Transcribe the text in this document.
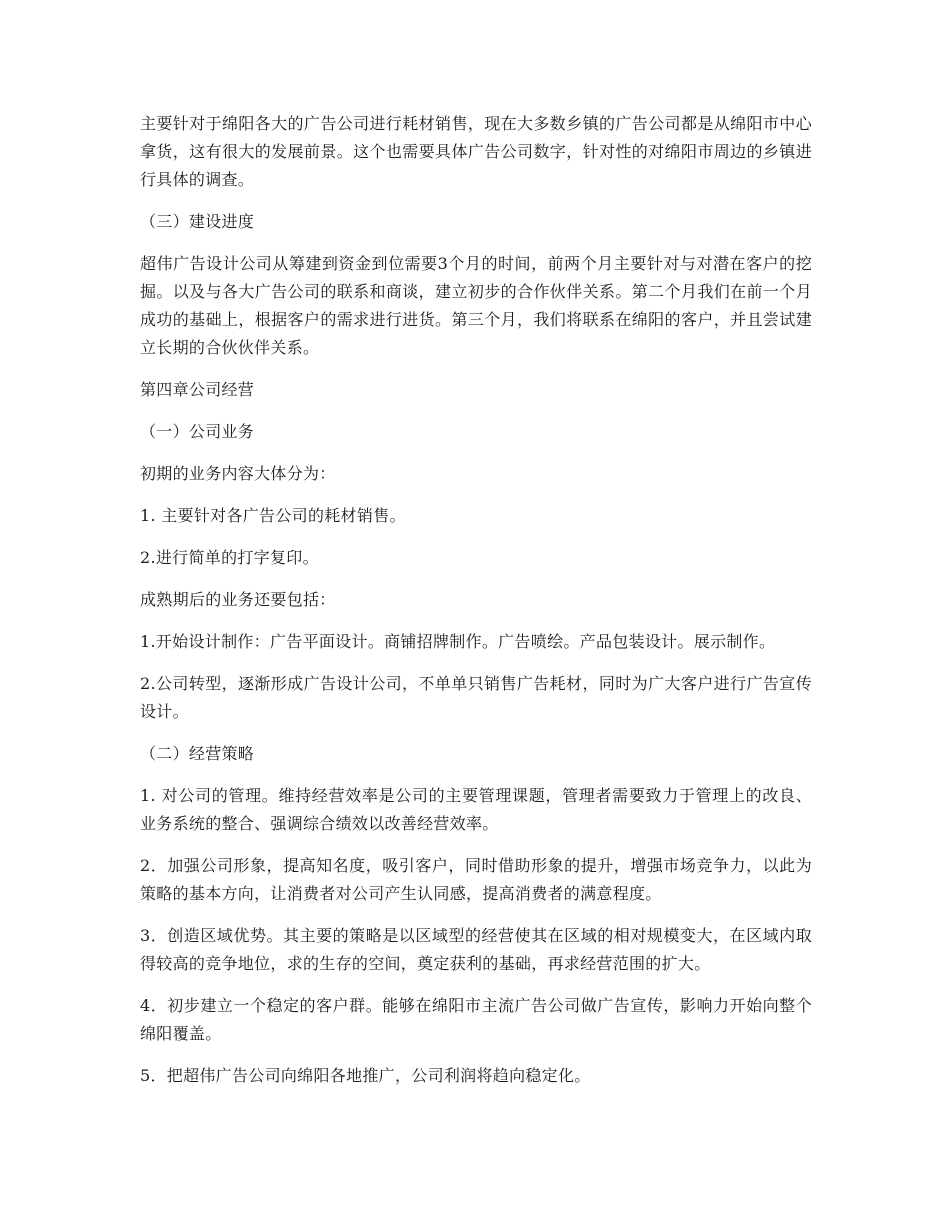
主要针对于绵阳各大的广告公司进行耗材销售，现在大多数乡镇的广告公司都是从绵阳市中心拿货，这有很大的发展前景。这个也需要具体广告公司数字，针对性的对绵阳市周边的乡镇进行具体的调查。

（三）建设进度

超伟广告设计公司从筹建到资金到位需要3个月的时间，前两个月主要针对与对潜在客户的挖掘。以及与各大广告公司的联系和商谈，建立初步的合作伙伴关系。第二个月我们在前一个月成功的基础上，根据客户的需求进行进货。第三个月，我们将联系在绵阳的客户，并且尝试建立长期的合伙伙伴关系。

第四章公司经营

（一）公司业务

初期的业务内容大体分为：

1. 主要针对各广告公司的耗材销售。

2.进行简单的打字复印。

成熟期后的业务还要包括：

1.开始设计制作：广告平面设计。商铺招牌制作。广告喷绘。产品包装设计。展示制作。

2.公司转型，逐渐形成广告设计公司，不单单只销售广告耗材，同时为广大客户进行广告宣传设计。

（二）经营策略

1. 对公司的管理。维持经营效率是公司的主要管理课题，管理者需要致力于管理上的改良、业务系统的整合、强调综合绩效以改善经营效率。

2．加强公司形象，提高知名度，吸引客户，同时借助形象的提升，增强市场竞争力，以此为策略的基本方向，让消费者对公司产生认同感，提高消费者的满意程度。

3．创造区域优势。其主要的策略是以区域型的经营使其在区域的相对规模变大，在区域内取得较高的竞争地位，求的生存的空间，奠定获利的基础，再求经营范围的扩大。

4．初步建立一个稳定的客户群。能够在绵阳市主流广告公司做广告宣传，影响力开始向整个绵阳覆盖。

5．把超伟广告公司向绵阳各地推广，公司利润将趋向稳定化。
